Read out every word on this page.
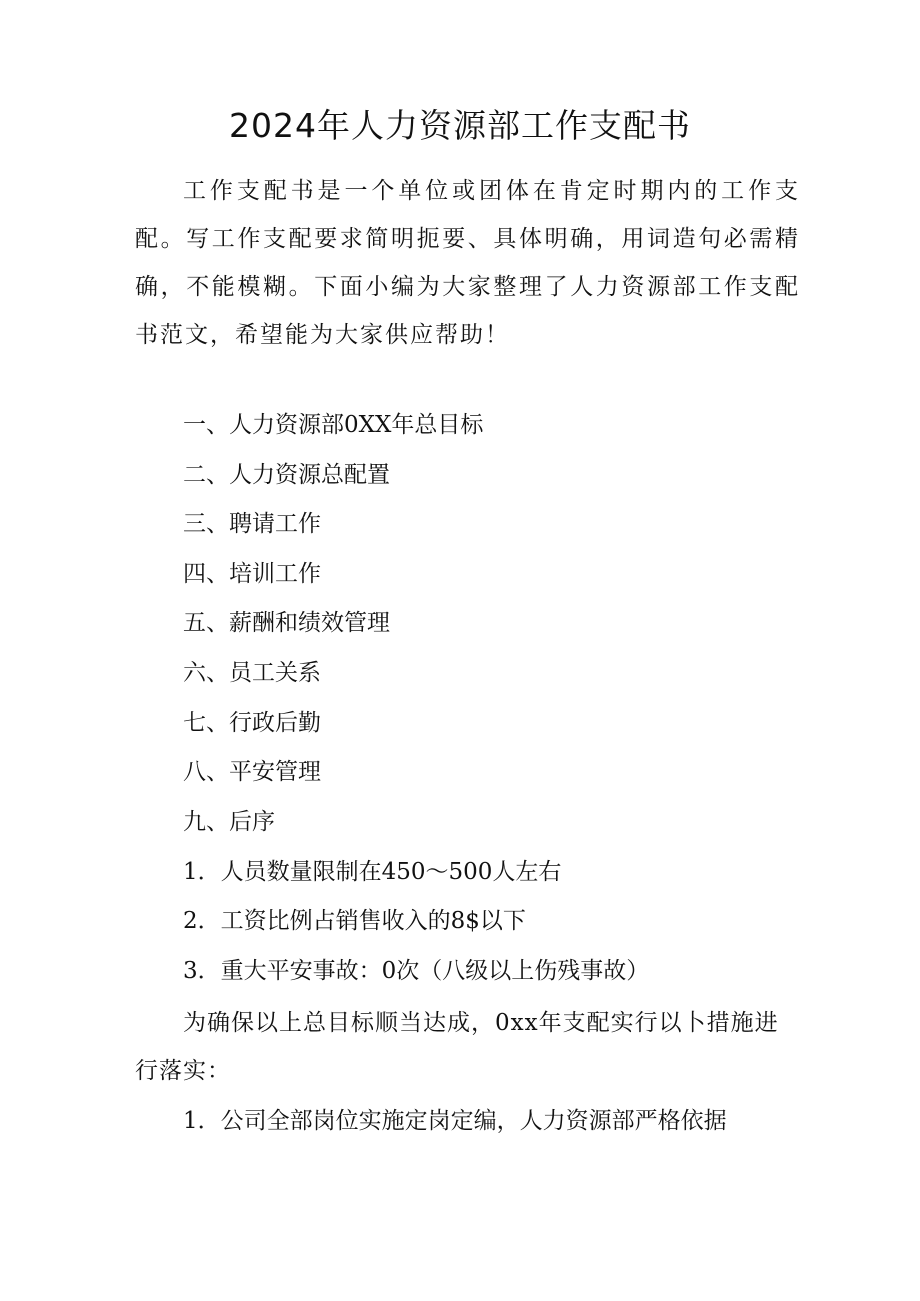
2024年人力资源部工作支配书

工作支配书是一个单位或团体在肯定时期内的工作支配。写工作支配要求简明扼要、具体明确，用词造句必需精确，不能模糊。下面小编为大家整理了人力资源部工作支配书范文，希望能为大家供应帮助！

一、人力资源部0XX年总目标

二、人力资源总配置

三、聘请工作

四、培训工作

五、薪酬和绩效管理

六、员工关系

七、行政后勤

八、平安管理

九、后序

1．人员数量限制在450～500人左右

2．工资比例占销售收入的8$以下

3．重大平安事故：0次（八级以上伤残事故）

为确保以上总目标顺当达成，0xx年支配实行以卜措施进行落实：

1．公司全部岗位实施定岗定编，人力资源部严格依据
